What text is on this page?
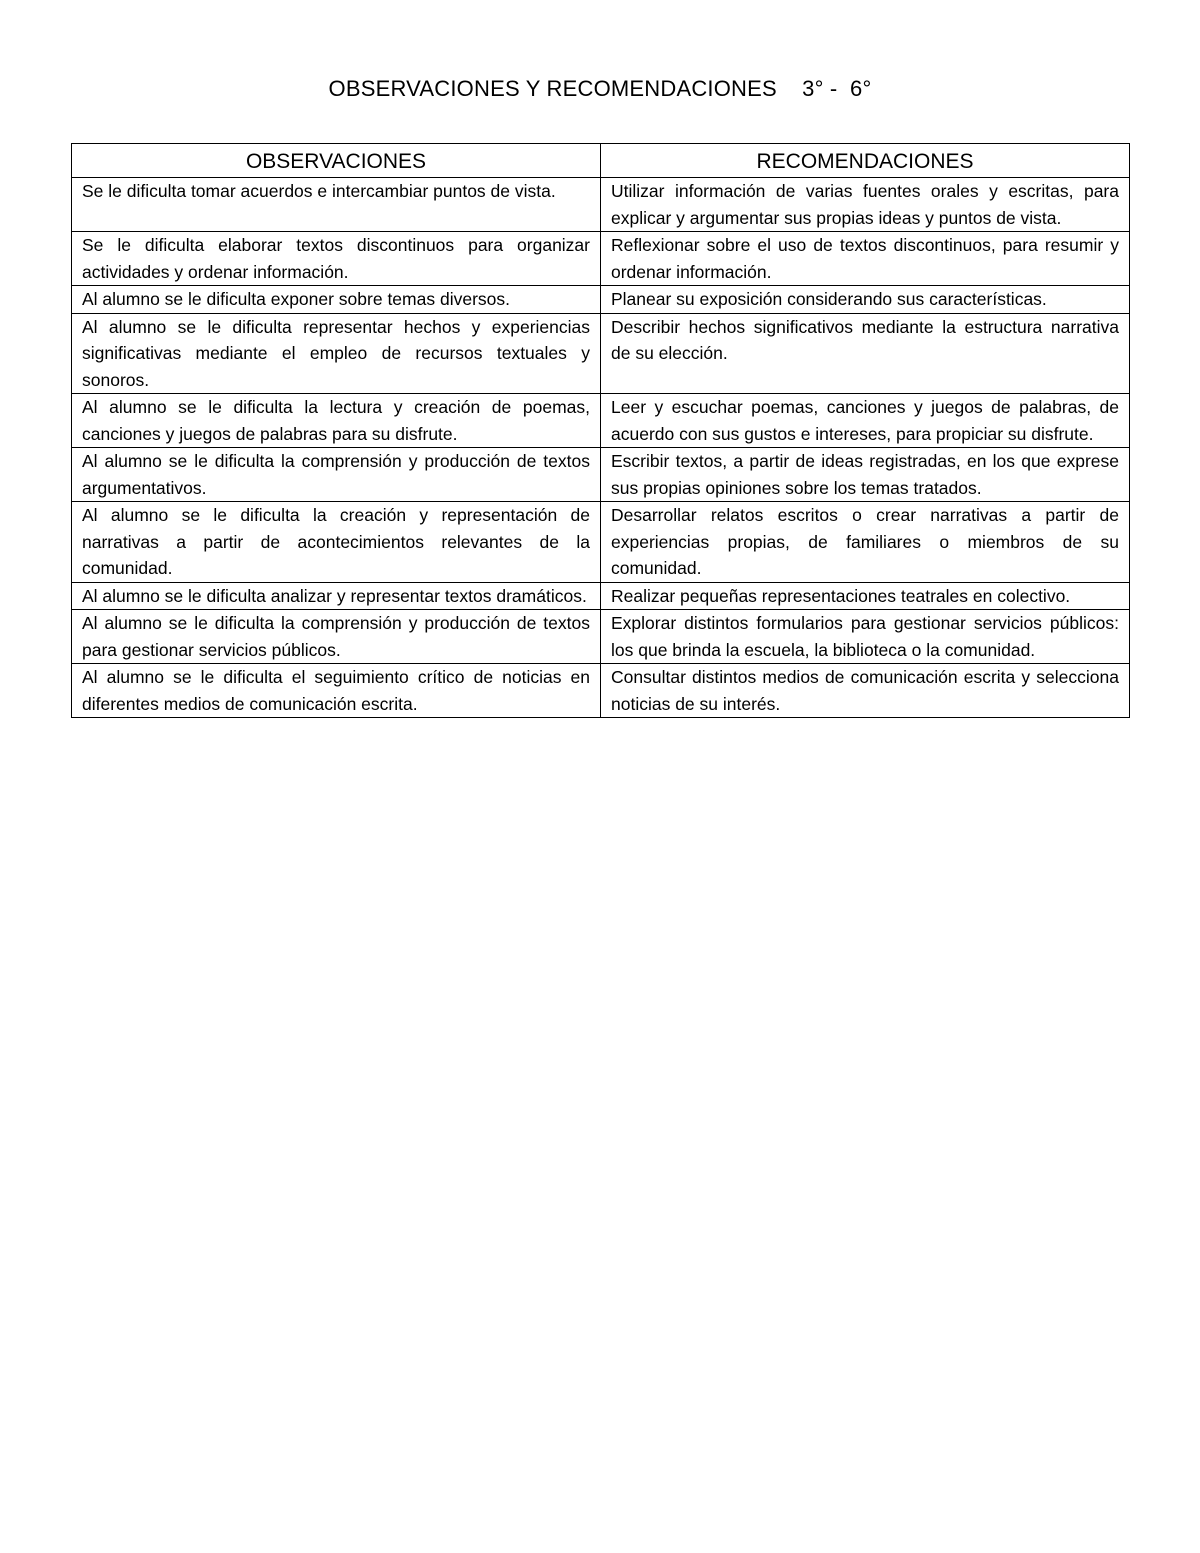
OBSERVACIONES Y RECOMENDACIONES    3° -  6°
OBSERVACIONES	RECOMENDACIONES
Se le dificulta tomar acuerdos e intercambiar puntos de vista.	Utilizar información de varias fuentes orales y escritas, para explicar y argumentar sus propias ideas y puntos de vista.
Se le dificulta elaborar textos discontinuos para organizar actividades y ordenar información.	Reflexionar sobre el uso de textos discontinuos, para resumir y ordenar información.
Al alumno se le dificulta exponer sobre temas diversos.	Planear su exposición considerando sus características.
Al alumno se le dificulta representar hechos y experiencias significativas mediante el empleo de recursos textuales y sonoros.	Describir hechos significativos mediante la estructura narrativa de su elección.
Al alumno se le dificulta la lectura y creación de poemas, canciones y juegos de palabras para su disfrute.	Leer y escuchar poemas, canciones y juegos de palabras, de acuerdo con sus gustos e intereses, para propiciar su disfrute.
Al alumno se le dificulta la comprensión y producción de textos argumentativos.	Escribir textos, a partir de ideas registradas, en los que exprese sus propias opiniones sobre los temas tratados.
Al alumno se le dificulta la creación y representación de narrativas a partir de acontecimientos relevantes de la comunidad.	Desarrollar relatos escritos o crear narrativas a partir de experiencias propias, de familiares o miembros de su comunidad.
Al alumno se le dificulta analizar y representar textos dramáticos.	Realizar pequeñas representaciones teatrales en colectivo.
Al alumno se le dificulta la comprensión y producción de textos para gestionar servicios públicos.	Explorar distintos formularios para gestionar servicios públicos: los que brinda la escuela, la biblioteca o la comunidad.
Al alumno se le dificulta el seguimiento crítico de noticias en diferentes medios de comunicación escrita.	Consultar distintos medios de comunicación escrita y selecciona noticias de su interés.
